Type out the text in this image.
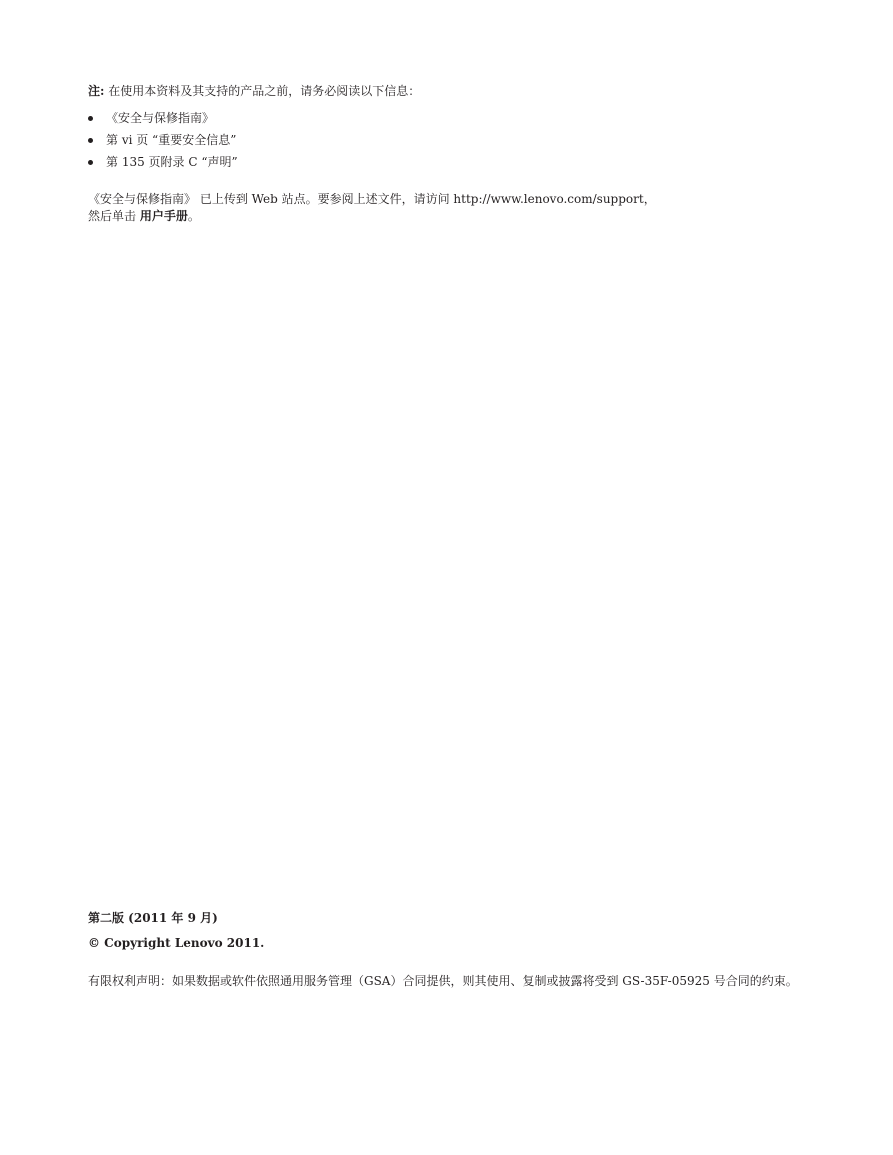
注: 在使用本资料及其支持的产品之前，请务必阅读以下信息：
《安全与保修指南》
第 vi 页 “重要安全信息”
第 135 页附录 C “声明”
《安全与保修指南》 已上传到 Web 站点。要参阅上述文件，请访问 http://www.lenovo.com/support，
然后单击 用户手册。
第二版 (2011 年 9 月)
© Copyright Lenovo 2011.
有限权利声明：如果数据或软件依照通用服务管理（GSA）合同提供，则其使用、复制或披露将受到 GS-35F-05925 号合同的约束。
